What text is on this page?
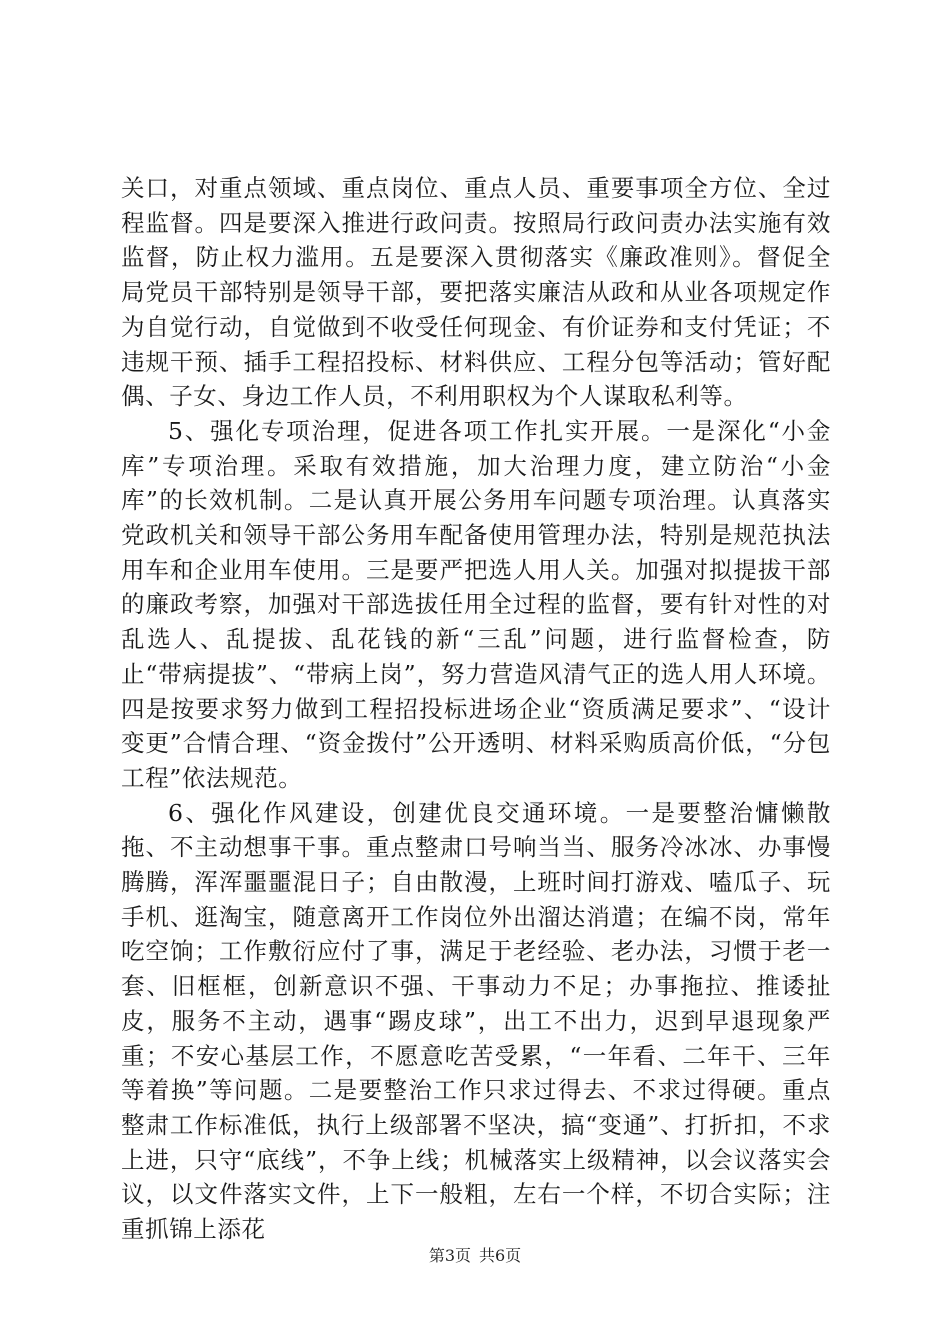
关口，对重点领域、重点岗位、重点人员、重要事项全方位、全过程监督。四是要深入推进行政问责。按照局行政问责办法实施有效监督，防止权力滥用。五是要深入贯彻落实《廉政准则》。督促全局党员干部特别是领导干部，要把落实廉洁从政和从业各项规定作为自觉行动，自觉做到不收受任何现金、有价证券和支付凭证；不违规干预、插手工程招投标、材料供应、工程分包等活动；管好配偶、子女、身边工作人员，不利用职权为个人谋取私利等。

5、强化专项治理，促进各项工作扎实开展。一是深化“小金库”专项治理。采取有效措施，加大治理力度，建立防治“小金库”的长效机制。二是认真开展公务用车问题专项治理。认真落实党政机关和领导干部公务用车配备使用管理办法，特别是规范执法用车和企业用车使用。三是要严把选人用人关。加强对拟提拔干部的廉政考察，加强对干部选拔任用全过程的监督，要有针对性的对乱选人、乱提拔、乱花钱的新“三乱”问题，进行监督检查，防止“带病提拔”、“带病上岗”，努力营造风清气正的选人用人环境。四是按要求努力做到工程招投标进场企业“资质满足要求”、“设计变更”合情合理、“资金拨付”公开透明、材料采购质高价低，“分包工程”依法规范。

6、强化作风建设，创建优良交通环境。一是要整治慵懒散拖、不主动想事干事。重点整肃口号响当当、服务冷冰冰、办事慢腾腾，浑浑噩噩混日子；自由散漫，上班时间打游戏、嗑瓜子、玩手机、逛淘宝，随意离开工作岗位外出溜达消遣；在编不岗，常年吃空饷；工作敷衍应付了事，满足于老经验、老办法，习惯于老一套、旧框框，创新意识不强、干事动力不足；办事拖拉、推诿扯皮，服务不主动，遇事“踢皮球”，出工不出力，迟到早退现象严重；不安心基层工作，不愿意吃苦受累，“一年看、二年干、三年等着换”等问题。二是要整治工作只求过得去、不求过得硬。重点整肃工作标准低，执行上级部署不坚决，搞“变通”、打折扣，不求上进，只守“底线”，不争上线；机械落实上级精神，以会议落实会议，以文件落实文件，上下一般粗，左右一个样，不切合实际；注重抓锦上添花

第3页 共6页
